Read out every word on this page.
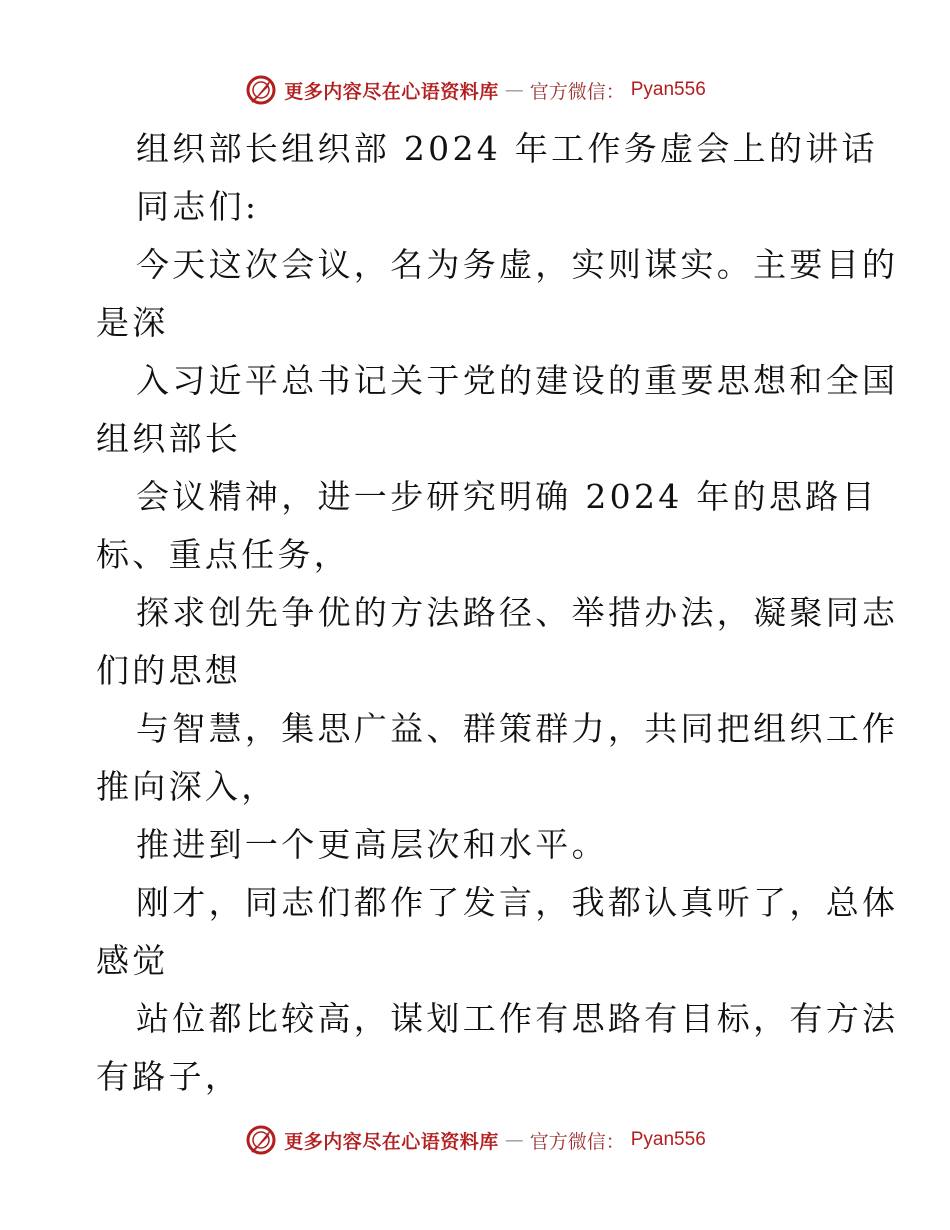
更多内容尽在心语资料库 — 官方微信： Pyan556
组织部长组织部 2024 年工作务虚会上的讲话
同志们:
今天这次会议，名为务虚，实则谋实。主要目的
是深
入习近平总书记关于党的建设的重要思想和全国
组织部长
会议精神，进一步研究明确 2024 年的思路目
标、重点任务，
探求创先争优的方法路径、举措办法，凝聚同志
们的思想
与智慧，集思广益、群策群力，共同把组织工作
推向深入，
推进到一个更高层次和水平。
刚才，同志们都作了发言，我都认真听了，总体
感觉
站位都比较高，谋划工作有思路有目标，有方法
有路子，
更多内容尽在心语资料库 — 官方微信： Pyan556
